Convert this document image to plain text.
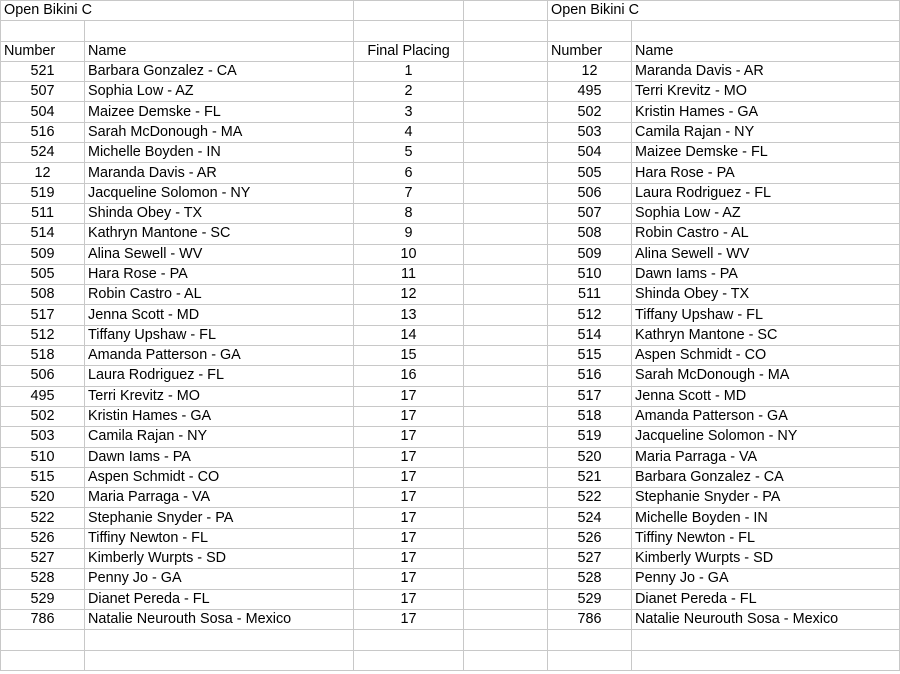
Open Bikini C				Open Bikini C	

Number	Name	Final Placing		Number	Name
521	Barbara Gonzalez - CA	1		12	Maranda Davis - AR
507	Sophia Low - AZ	2		495	Terri Krevitz - MO
504	Maizee Demske - FL	3		502	Kristin Hames - GA
516	Sarah McDonough - MA	4		503	Camila Rajan - NY
524	Michelle Boyden - IN	5		504	Maizee Demske - FL
12	Maranda Davis - AR	6		505	Hara Rose - PA
519	Jacqueline Solomon - NY	7		506	Laura Rodriguez - FL
511	Shinda Obey - TX	8		507	Sophia Low - AZ
514	Kathryn Mantone - SC	9		508	Robin Castro - AL
509	Alina Sewell - WV	10		509	Alina Sewell - WV
505	Hara Rose - PA	11		510	Dawn Iams - PA
508	Robin Castro - AL	12		511	Shinda Obey - TX
517	Jenna Scott - MD	13		512	Tiffany Upshaw - FL
512	Tiffany Upshaw - FL	14		514	Kathryn Mantone - SC
518	Amanda Patterson - GA	15		515	Aspen Schmidt - CO
506	Laura Rodriguez - FL	16		516	Sarah McDonough - MA
495	Terri Krevitz - MO	17		517	Jenna Scott - MD
502	Kristin Hames - GA	17		518	Amanda Patterson - GA
503	Camila Rajan - NY	17		519	Jacqueline Solomon - NY
510	Dawn Iams - PA	17		520	Maria Parraga - VA
515	Aspen Schmidt - CO	17		521	Barbara Gonzalez - CA
520	Maria Parraga - VA	17		522	Stephanie Snyder - PA
522	Stephanie Snyder - PA	17		524	Michelle Boyden - IN
526	Tiffiny Newton - FL	17		526	Tiffiny Newton - FL
527	Kimberly Wurpts - SD	17		527	Kimberly Wurpts - SD
528	Penny Jo - GA	17		528	Penny Jo - GA
529	Dianet Pereda - FL	17		529	Dianet Pereda - FL
786	Natalie Neurouth Sosa - Mexico	17		786	Natalie Neurouth Sosa - Mexico
